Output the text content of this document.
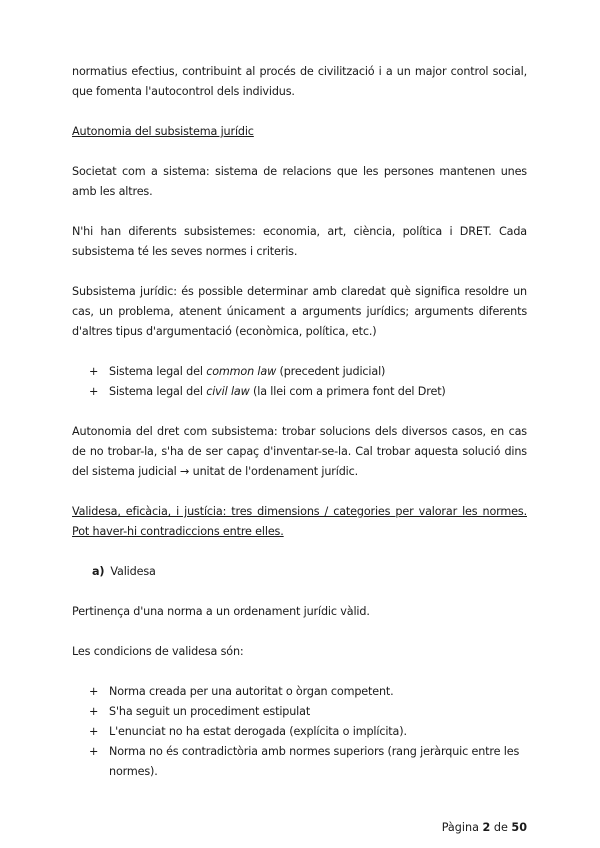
normatius efectius, contribuint al procés de civilització i a un major control social, que fomenta l'autocontrol dels individus.

Autonomia del subsistema jurídic

Societat com a sistema: sistema de relacions que les persones mantenen unes amb les altres.

N'hi han diferents subsistemes: economia, art, ciència, política i DRET. Cada subsistema té les seves normes i criteris.

Subsistema jurídic: és possible determinar amb claredat què significa resoldre un cas, un problema, atenent únicament a arguments jurídics; arguments diferents d'altres tipus d'argumentació (econòmica, política, etc.)

+ Sistema legal del common law (precedent judicial)
+ Sistema legal del civil law (la llei com a primera font del Dret)

Autonomia del dret com subsistema: trobar solucions dels diversos casos, en cas de no trobar-la, s'ha de ser capaç d'inventar-se-la. Cal trobar aquesta solució dins del sistema judicial → unitat de l'ordenament jurídic.

Validesa, eficàcia, i justícia: tres dimensions / categories per valorar les normes. Pot haver-hi contradiccions entre elles.

a) Validesa

Pertinença d'una norma a un ordenament jurídic vàlid.

Les condicions de validesa són:

+ Norma creada per una autoritat o òrgan competent.
+ S'ha seguit un procediment estipulat
+ L'enunciat no ha estat derogada (explícita o implícita).
+ Norma no és contradictòria amb normes superiors (rang jeràrquic entre les normes).
Pàgina 2 de 50
